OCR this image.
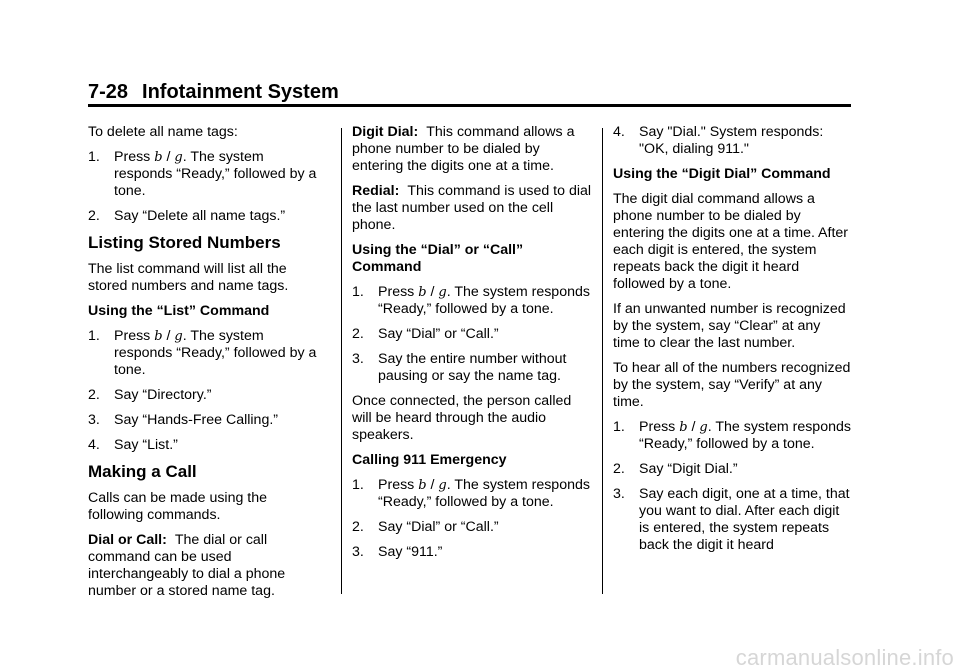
7-28 Infotainment System

To delete all name tags:

1. Press b / g. The system responds “Ready,” followed by a tone.
2. Say “Delete all name tags.”
Listing Stored Numbers

The list command will list all the stored numbers and name tags.

Using the “List” Command

1. Press b / g. The system responds “Ready,” followed by a tone.
2. Say “Directory.”
3. Say “Hands-Free Calling.”
4. Say “List.”
Making a Call

Calls can be made using the following commands.

Dial or Call: The dial or call command can be used interchangeably to dial a phone number or a stored name tag.

Digit Dial: This command allows a phone number to be dialed by entering the digits one at a time.

Redial: This command is used to dial the last number used on the cell phone.

Using the “Dial” or “Call” Command

1. Press b / g. The system responds “Ready,” followed by a tone.
2. Say “Dial” or “Call.”
3. Say the entire number without pausing or say the name tag.

Once connected, the person called will be heard through the audio speakers.

Calling 911 Emergency

1. Press b / g. The system responds “Ready,” followed by a tone.
2. Say “Dial” or “Call.”
3. Say “911.”
4. Say "Dial." System responds: "OK, dialing 911."

Using the “Digit Dial” Command

The digit dial command allows a phone number to be dialed by entering the digits one at a time. After each digit is entered, the system repeats back the digit it heard followed by a tone.

If an unwanted number is recognized by the system, say “Clear” at any time to clear the last number.

To hear all of the numbers recognized by the system, say “Verify” at any time.

1. Press b / g. The system responds “Ready,” followed by a tone.
2. Say “Digit Dial.”
3. Say each digit, one at a time, that you want to dial. After each digit is entered, the system repeats back the digit it heard
carmanualsonline.info
